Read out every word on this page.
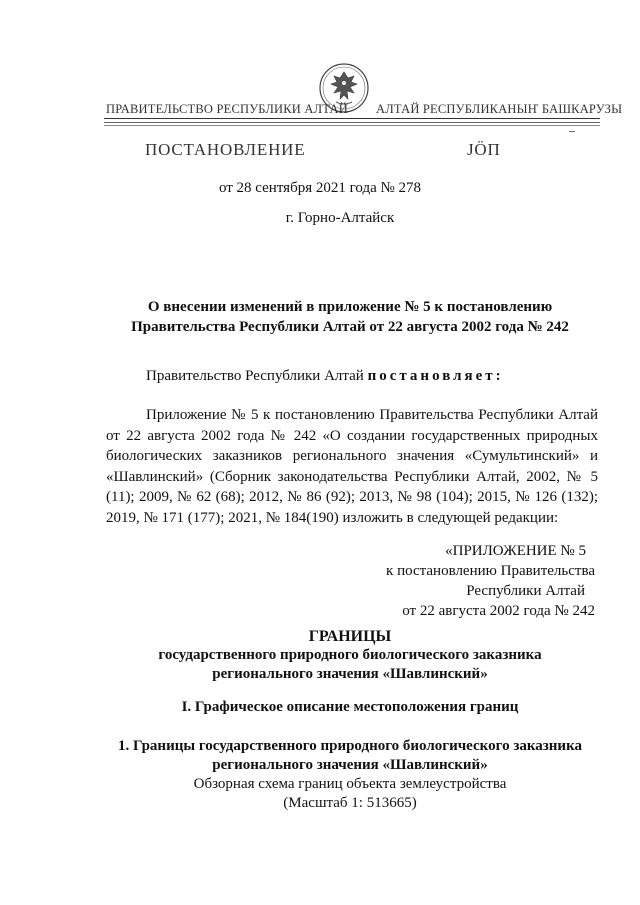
ПРАВИТЕЛЬСТВО РЕСПУБЛИКИ АЛТАЙ АЛТАЙ РЕСПУБЛИКАНЫҤ БАШКАРУЗЫ
ПОСТАНОВЛЕНИЕ	JÖП
от 28 сентября 2021 года № 278
г. Горно-Алтайск
О внесении изменений в приложение № 5 к постановлению
Правительства Республики Алтай от 22 августа 2002 года № 242
Правительство Республики Алтай постановляет:
Приложение № 5 к постановлению Правительства Республики Алтай от 22 августа 2002 года № 242 «О создании государственных природных биологических заказников регионального значения «Сумультинский» и «Шавлинский» (Сборник законодательства Республики Алтай, 2002, № 5 (11); 2009, № 62 (68); 2012, № 86 (92); 2013, № 98 (104); 2015, № 126 (132); 2019, № 171 (177); 2021, № 184(190) изложить в следующей редакции:
«ПРИЛОЖЕНИЕ № 5
к постановлению Правительства
Республики Алтай
от 22 августа 2002 года № 242
ГРАНИЦЫ
государственного природного биологического заказника
регионального значения «Шавлинский»
I. Графическое описание местоположения границ
1. Границы государственного природного биологического заказника
регионального значения «Шавлинский»
Обзорная схема границ объекта землеустройства
(Масштаб 1: 513665)
